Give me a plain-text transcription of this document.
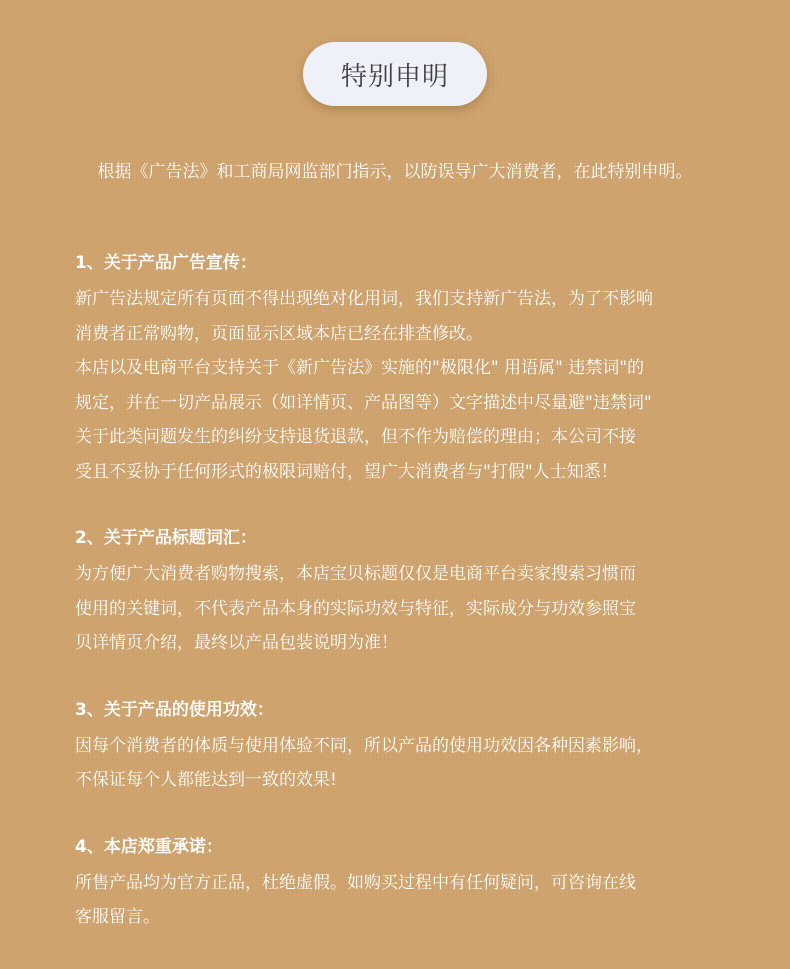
特别申明
根据《广告法》和工商局网监部门指示，以防误导广大消费者，在此特别申明。
1、关于产品广告宣传：
新广告法规定所有页面不得出现绝对化用词，我们支持新广告法，为了不影响
消费者正常购物，页面显示区域本店已经在排查修改。
本店以及电商平台支持关于《新广告法》实施的"极限化" 用语属" 违禁词"的
规定，并在一切产品展示（如详情页、产品图等）文字描述中尽量避"违禁词"
关于此类问题发生的纠纷支持退货退款，但不作为赔偿的理由；本公司不接
受且不妥协于任何形式的极限词赔付，望广大消费者与"打假"人士知悉！
2、关于产品标题词汇：
为方便广大消费者购物搜索，本店宝贝标题仅仅是电商平台卖家搜索习惯而
使用的关键词，不代表产品本身的实际功效与特征，实际成分与功效参照宝
贝详情页介绍，最终以产品包装说明为准！
3、关于产品的使用功效：
因每个消费者的体质与使用体验不同，所以产品的使用功效因各种因素影响，
不保证每个人都能达到一致的效果!
4、本店郑重承诺：
所售产品均为官方正品，杜绝虚假。如购买过程中有任何疑问，可咨询在线
客服留言。
